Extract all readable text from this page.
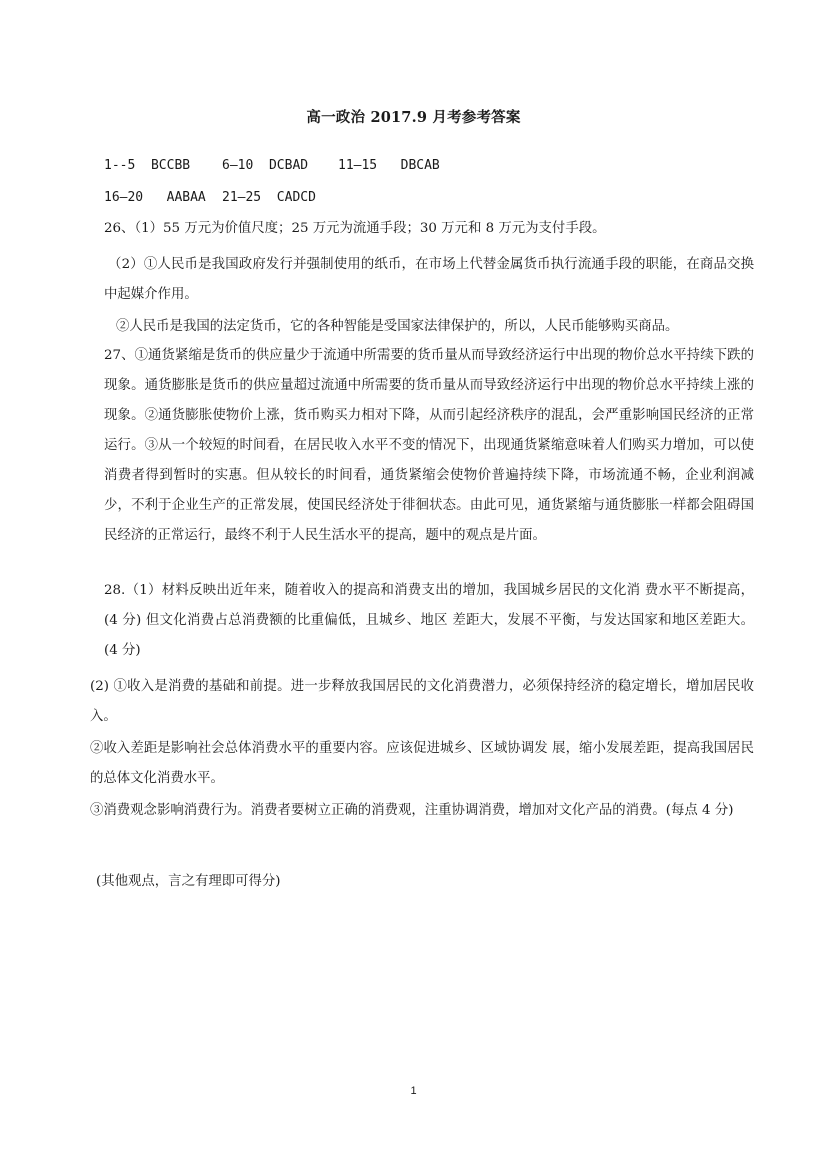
高一政治 2017.9 月考参考答案
1--5  BCCBB 6—10  DCBAD 11—15   DBCAB
16—20   AABAA 21—25  CADCD
26、（1）55 万元为价值尺度；25 万元为流通手段；30 万元和 8 万元为支付手段。
（2）①人民币是我国政府发行并强制使用的纸币，在市场上代替金属货币执行流通手段的职能，在商品交换中起媒介作用。
②人民币是我国的法定货币，它的各种智能是受国家法律保护的，所以，人民币能够购买商品。
27、①通货紧缩是货币的供应量少于流通中所需要的货币量从而导致经济运行中出现的物价总水平持续下跌的现象。通货膨胀是货币的供应量超过流通中所需要的货币量从而导致经济运行中出现的物价总水平持续上涨的现象。②通货膨胀使物价上涨，货币购买力相对下降，从而引起经济秩序的混乱，会严重影响国民经济的正常运行。③从一个较短的时间看，在居民收入水平不变的情况下，出现通货紧缩意味着人们购买力增加，可以使消费者得到暂时的实惠。但从较长的时间看，通货紧缩会使物价普遍持续下降，市场流通不畅，企业利润减少，不利于企业生产的正常发展，使国民经济处于徘徊状态。由此可见，通货紧缩与通货膨胀一样都会阻碍国民经济的正常运行，最终不利于人民生活水平的提高，题中的观点是片面。
28.（1）材料反映出近年来，随着收入的提高和消费支出的增加，我国城乡居民的文化消 费水平不断提高，(4 分) 但文化消费占总消费额的比重偏低，且城乡、地区 差距大，发展不平衡，与发达国家和地区差距大。 (4 分)
(2) ①收入是消费的基础和前提。进一步释放我国居民的文化消费潜力，必须保持经济的稳定增长，增加居民收入。
②收入差距是影响社会总体消费水平的重要内容。应该促进城乡、区域协调发 展，缩小发展差距，提高我国居民的总体文化消费水平。
③消费观念影响消费行为。消费者要树立正确的消费观，注重协调消费，增加对文化产品的消费。(每点 4 分)
(其他观点，言之有理即可得分)
1
